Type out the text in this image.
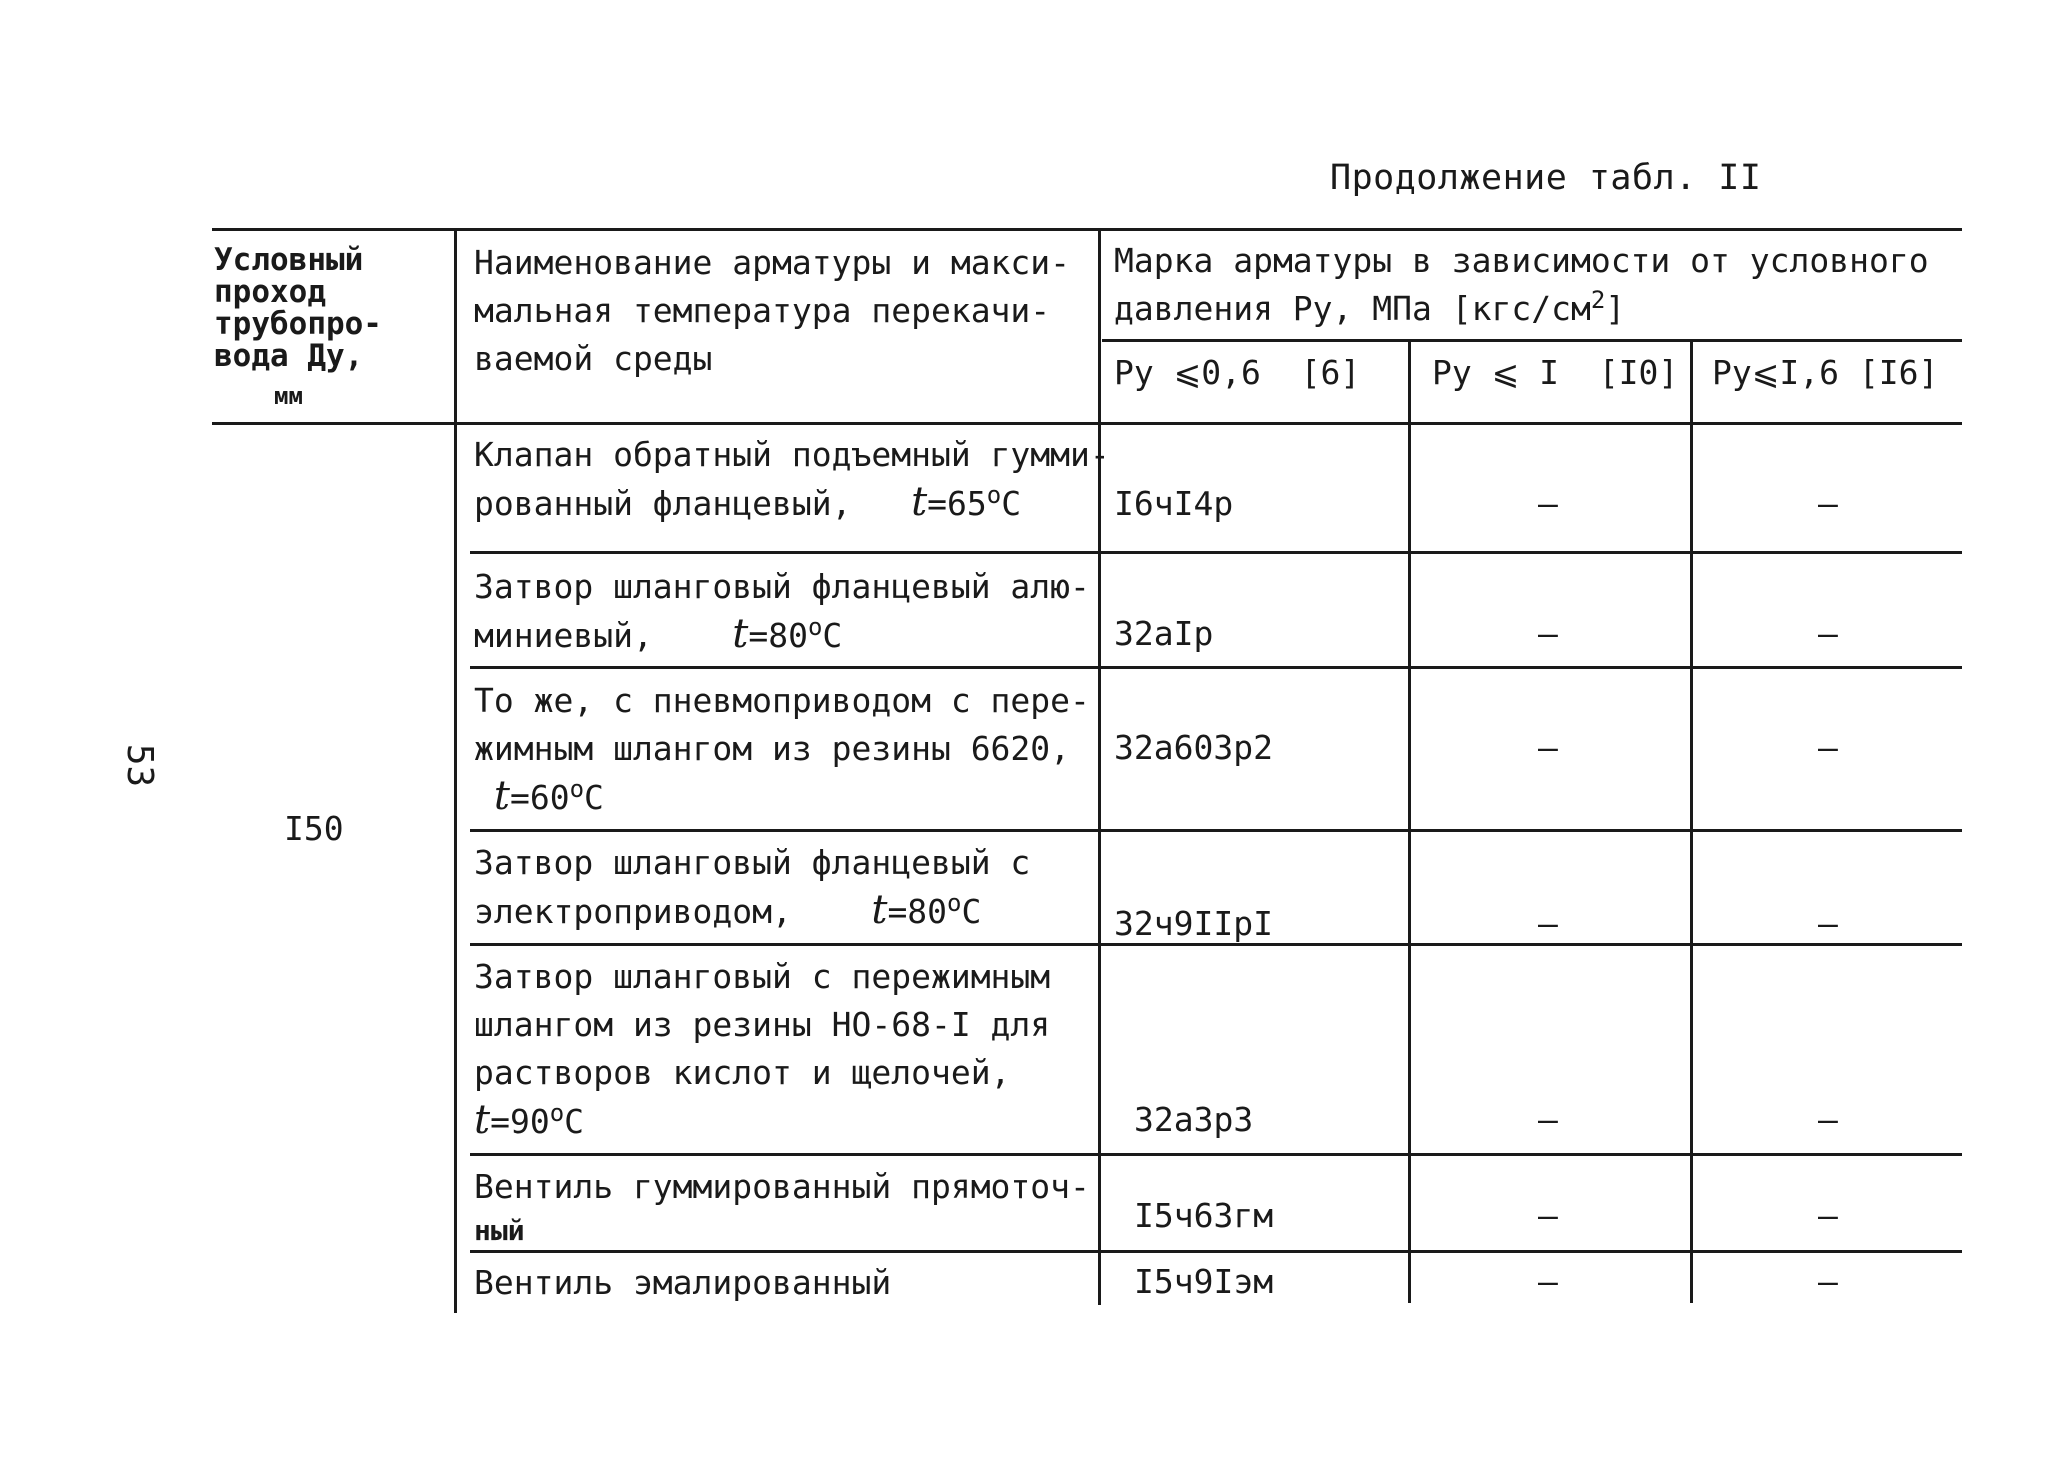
Продолжение табл. II
53
Условный
проход
трубопро-
вода Ду,
мм
Наименование арматуры и макси-
мальная температура перекачи-
ваемой среды
Марка арматуры в зависимости от условного
давления Ру, МПа $[кгс/см^2]$
Ру ⩽0,6  [6] Ру ⩽ I  [I0] Ру⩽I,6 [I6]
I50
Клапан обратный подъемный гумми-
рованный фланцевый,   $t=65^oС$	I6чI4р	–	–
Затвор шланговый фланцевый алю-
миниевый,    $t=80^oС$	32аIр	–	–
То же, с пневмоприводом с пере-
жимным шлангом из резины 6620,
$t=60^oС$
32а603р2	–	–
Затвор шланговый фланцевый с
электроприводом,    $t=80^oС$	32ч9IIрI	–	–
Затвор шланговый с пережимным
шлангом из резины НО-68-I для
растворов кислот и щелочей,
$t=90^oС$	32а3р3	–	–
Вентиль гуммированный прямоточ-
ный	I5ч63гм	–	–
Вентиль эмалированный	I5ч9Iэм	–	–
